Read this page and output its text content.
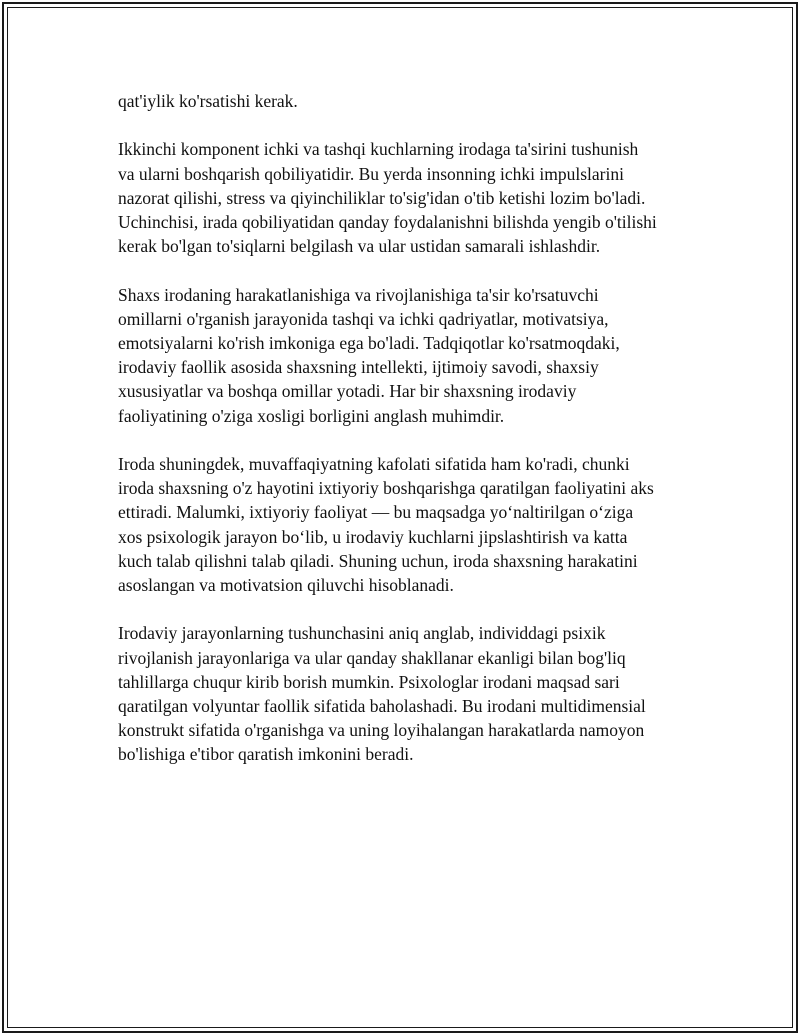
qat'iylik ko'rsatishi kerak.

Ikkinchi komponent ichki va tashqi kuchlarning irodaga ta'sirini tushunish
va ularni boshqarish qobiliyatidir. Bu yerda insonning ichki impulslarini
nazorat qilishi, stress va qiyinchiliklar to'sig'idan o'tib ketishi lozim bo'ladi.
Uchinchisi, irada qobiliyatidan qanday foydalanishni bilishda yengib o'tilishi
kerak bo'lgan to'siqlarni belgilash va ular ustidan samarali ishlashdir.

Shaxs irodaning harakatlanishiga va rivojlanishiga ta'sir ko'rsatuvchi
omillarni o'rganish jarayonida tashqi va ichki qadriyatlar, motivatsiya,
emotsiyalarni ko'rish imkoniga ega bo'ladi. Tadqiqotlar ko'rsatmoqdaki,
irodaviy faollik asosida shaxsning intellekti, ijtimoiy savodi, shaxsiy
xususiyatlar va boshqa omillar yotadi. Har bir shaxsning irodaviy
faoliyatining o'ziga xosligi borligini anglash muhimdir.

Iroda shuningdek, muvaffaqiyatning kafolati sifatida ham ko'radi, chunki
iroda shaxsning o'z hayotini ixtiyoriy boshqarishga qaratilgan faoliyatini aks
ettiradi. Malumki, ixtiyoriy faoliyat — bu maqsadga yo‘naltirilgan o‘ziga
xos psixologik jarayon bo‘lib, u irodaviy kuchlarni jipslashtirish va katta
kuch talab qilishni talab qiladi. Shuning uchun, iroda shaxsning harakatini
asoslangan va motivatsion qiluvchi hisoblanadi.

Irodaviy jarayonlarning tushunchasini aniq anglab, individdagi psixik
rivojlanish jarayonlariga va ular qanday shakllanar ekanligi bilan bog'liq
tahlillarga chuqur kirib borish mumkin. Psixologlar irodani maqsad sari
qaratilgan volyuntar faollik sifatida baholashadi. Bu irodani multidimensial
konstrukt sifatida o'rganishga va uning loyihalangan harakatlarda namoyon
bo'lishiga e'tibor qaratish imkonini beradi.
